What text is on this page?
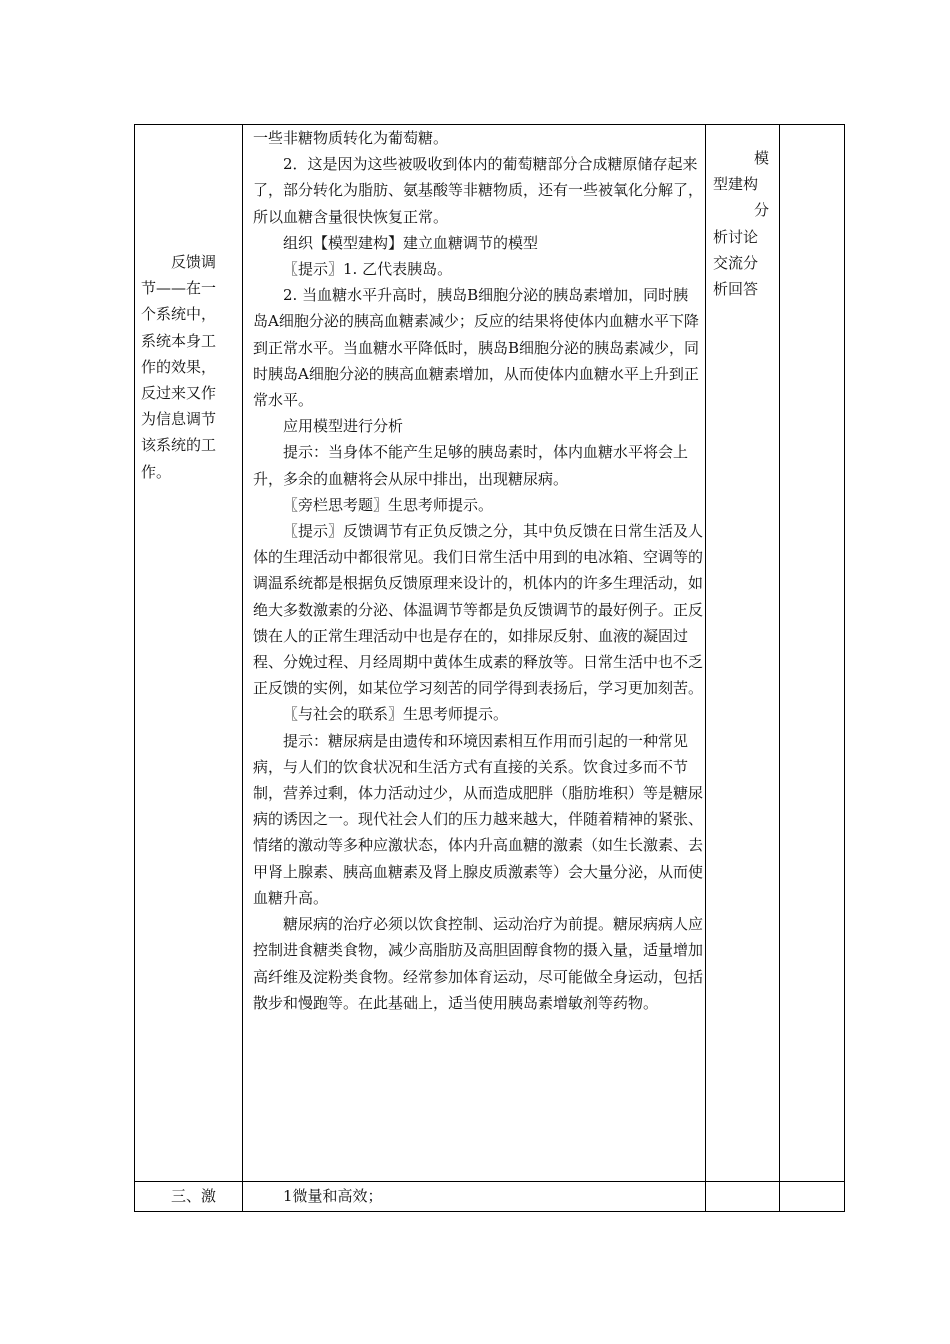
反馈调
节——在一
个系统中，
系统本身工
作的效果，
反过来又作
为信息调节
该系统的工
作。

一些非糖物质转化为葡萄糖。

2．这是因为这些被吸收到体内的葡萄糖部分合成糖原储存起来了，部分转化为脂肪、氨基酸等非糖物质，还有一些被氧化分解了，所以血糖含量很快恢复正常。

组织【模型建构】建立血糖调节的模型

〖提示〗1. 乙代表胰岛。

2. 当血糖水平升高时，胰岛B细胞分泌的胰岛素增加，同时胰岛A细胞分泌的胰高血糖素减少；反应的结果将使体内血糖水平下降到正常水平。当血糖水平降低时，胰岛B细胞分泌的胰岛素减少，同时胰岛A细胞分泌的胰高血糖素增加，从而使体内血糖水平上升到正常水平。

应用模型进行分析

提示：当身体不能产生足够的胰岛素时，体内血糖水平将会上升，多余的血糖将会从尿中排出，出现糖尿病。

〖旁栏思考题〗生思考师提示。

〖提示〗反馈调节有正负反馈之分，其中负反馈在日常生活及人体的生理活动中都很常见。我们日常生活中用到的电冰箱、空调等的调温系统都是根据负反馈原理来设计的，机体内的许多生理活动，如绝大多数激素的分泌、体温调节等都是负反馈调节的最好例子。正反馈在人的正常生理活动中也是存在的，如排尿反射、血液的凝固过程、分娩过程、月经周期中黄体生成素的释放等。日常生活中也不乏正反馈的实例，如某位学习刻苦的同学得到表扬后，学习更加刻苦。

〖与社会的联系〗生思考师提示。

提示：糖尿病是由遗传和环境因素相互作用而引起的一种常见病，与人们的饮食状况和生活方式有直接的关系。饮食过多而不节制，营养过剩，体力活动过少，从而造成肥胖（脂肪堆积）等是糖尿病的诱因之一。现代社会人们的压力越来越大，伴随着精神的紧张、情绪的激动等多种应激状态，体内升高血糖的激素（如生长激素、去甲肾上腺素、胰高血糖素及肾上腺皮质激素等）会大量分泌，从而使血糖升高。

糖尿病的治疗必须以饮食控制、运动治疗为前提。糖尿病病人应控制进食糖类食物，减少高脂肪及高胆固醇食物的摄入量，适量增加高纤维及淀粉类食物。经常参加体育运动，尽可能做全身运动，包括散步和慢跑等。在此基础上，适当使用胰岛素增敏剂等药物。

模
型建构
分
析讨论
交流分
析回答
三、激	1微量和高效；
